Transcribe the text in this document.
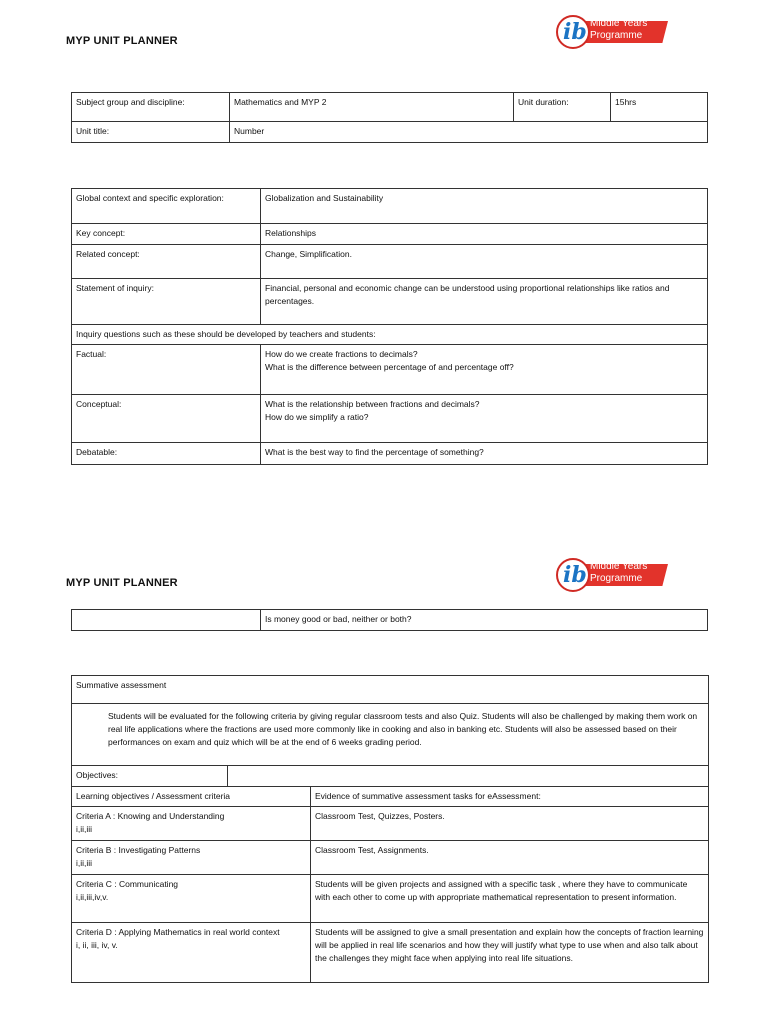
MYP UNIT PLANNER
Middle Years
Programme
ib
Subject group and discipline:	Mathematics and MYP 2	Unit duration:	15hrs
Unit title:	Number		
Global context and specific exploration:	Globalization and Sustainability
Key concept:	Relationships
Related concept:	Change, Simplification.
Statement of inquiry:	Financial, personal and economic change can be understood using proportional relationships like ratios and percentages.
Inquiry questions such as these should be developed by teachers and students:	
Factual:	How do we create fractions to decimals?
What is the difference between percentage of and percentage off?
Conceptual:	What is the relationship between fractions and decimals?
How do we simplify a ratio?
Debatable:	What is the best way to find the percentage of something?
MYP UNIT PLANNER
Middle Years
Programme
ib
	Is money good or bad, neither or both?
Summative assessment		
Students will be evaluated for the following criteria by giving regular classroom tests and also Quiz. Students will also be challenged by making them work on real life applications where the fractions are used more commonly like in cooking and also in banking etc. Students will also be assessed based on their performances on exam and quiz which will be at the end of 6 weeks grading period.		
Objectives:		
Learning objectives / Assessment criteria		Evidence of summative assessment tasks for eAssessment:
Criteria A : Knowing and Understanding
i,ii,iii		Classroom Test, Quizzes, Posters.
Criteria B : Investigating Patterns
i,ii,iii		Classroom Test, Assignments.
Criteria C : Communicating
i,ii,iii,iv,v.		Students will be given projects and assigned with a specific task , where they have to communicate with each other to come up with appropriate mathematical representation to present information.
Criteria D : Applying Mathematics in real world context
i, ii, iii, iv, v.		Students will be assigned to give a small presentation and explain how the concepts of fraction learning will be applied in real life scenarios and how they will justify what type to use when and also talk about the challenges they might face when applying into real life situations.
